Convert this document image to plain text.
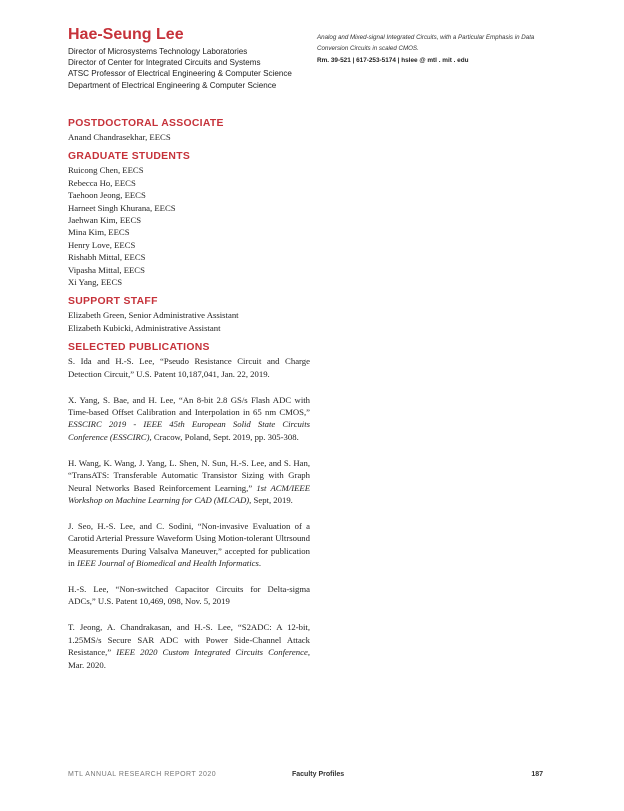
Hae-Seung Lee
Director of Microsystems Technology Laboratories
Director of Center for Integrated Circuits and Systems
ATSC Professor of Electrical Engineering & Computer Science
Department of Electrical Engineering & Computer Science
Analog and Mixed-signal Integrated Circuits, with a Particular Emphasis in Data
Conversion Circuits in scaled CMOS.
Rm. 39-521 | 617-253-5174 | hslee @ mtl . mit . edu
POSTDOCTORAL ASSOCIATE
Anand Chandrasekhar, EECS
GRADUATE STUDENTS
Ruicong Chen, EECS
Rebecca Ho, EECS
Taehoon Jeong, EECS
Harneet Singh Khurana, EECS
Jaehwan Kim, EECS
Mina Kim, EECS
Henry Love, EECS
Rishabh Mittal, EECS
Vipasha Mittal, EECS
Xi Yang, EECS
SUPPORT STAFF
Elizabeth Green, Senior Administrative Assistant
Elizabeth Kubicki, Administrative Assistant
SELECTED PUBLICATIONS

S. Ida and H.-S. Lee, “Pseudo Resistance Circuit and Charge Detection Circuit,” U.S. Patent 10,187,041, Jan. 22, 2019.

X. Yang, S. Bae, and H. Lee, “An 8-bit 2.8 GS/s Flash ADC with Time-based Offset Calibration and Interpolation in 65 nm CMOS,” ESSCIRC 2019 - IEEE 45th European Solid State Circuits Conference (ESSCIRC), Cracow, Poland, Sept. 2019, pp. 305-308.

H. Wang, K. Wang, J. Yang, L. Shen, N. Sun, H.-S. Lee, and S. Han, “TransATS: Transferable Automatic Transistor Sizing with Graph Neural Networks Based Reinforcement Learning,” 1st ACM/IEEE Workshop on Machine Learning for CAD (MLCAD), Sept, 2019.

J. Seo, H.-S. Lee, and C. Sodini, “Non-invasive Evaluation of a Carotid Arterial Pressure Waveform Using Motion-tolerant Ultrsound Measurements During Valsalva Maneuver,” accepted for publication in IEEE Journal of Biomedical and Health Informatics.

H.-S. Lee, “Non-switched Capacitor Circuits for Delta-sigma ADCs,” U.S. Patent 10,469, 098, Nov. 5, 2019

T. Jeong, A. Chandrakasan, and H.-S. Lee, “S2ADC: A 12-bit, 1.25MS/s Secure SAR ADC with Power Side-Channel Attack Resistance,” IEEE 2020 Custom Integrated Circuits Conference, Mar. 2020.

MTL ANNUAL RESEARCH REPORT 2020	Faculty Profiles	187
